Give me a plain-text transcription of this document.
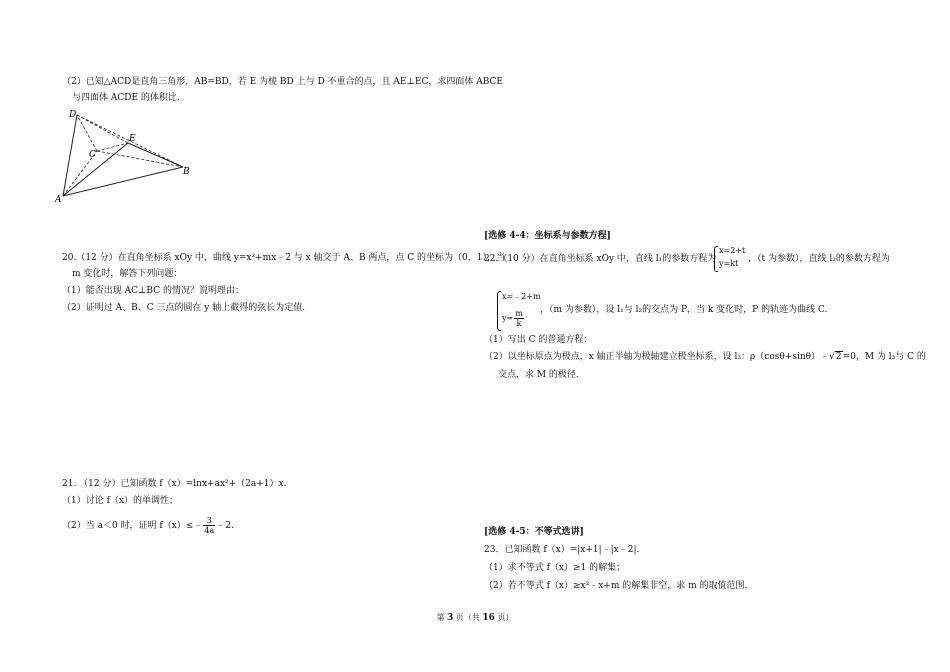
（2）已知△ACD是直角三角形，AB=BD，若 E 为棱 BD 上与 D 不重合的点，且 AE⊥EC，求四面体 ABCE
与四面体 ACDE 的体积比.
D
E
C
B
A
20.（12 分）在直角坐标系 xOy 中，曲线 y=x²+mx﹣2 与 x 轴交于 A、B 两点，点 C 的坐标为（0，1），当
m 变化时，解答下列问题：
（1）能否出现 AC⊥BC 的情况？说明理由；
（2）证明过 A、B、C 三点的圆在 y 轴上截得的弦长为定值.
21. （12 分）已知函数 f（x）=lnx+ax²+（2a+1）x.
（1）讨论 f（x）的单调性；
（2）当 a＜0 时，证明 f（x）≤﹣ $\frac{3}{4a}$ ﹣2.
[选修 4-4：坐标系与参数方程]
22.（10 分）在直角坐标系 xOy 中，直线 l₁的参数方程为
x=2+t
y=kt ，（t 为参数），直线 l₂的参数方程为
x=﹣2+m
$y= \frac{m}{k}$ ，（m 为参数），设 l₁与 l₂的交点为 P，当 k 变化时，P 的轨迹为曲线 C.
（1）写出 C 的普通方程；
（2）以坐标原点为极点，x 轴正半轴为极轴建立极坐标系，设 l₃：ρ（cosθ+sinθ）﹣√2=0，M 为 l₃与 C 的
交点，求 M 的极径.
[选修 4-5：不等式选讲]
23．已知函数 f（x）=|x+1|﹣|x﹣2|.
（1）求不等式 f（x）≥1 的解集；
（2）若不等式 f（x）≥x²﹣x+m 的解集非空，求 m 的取值范围.
第 3 页（共 16 页）
